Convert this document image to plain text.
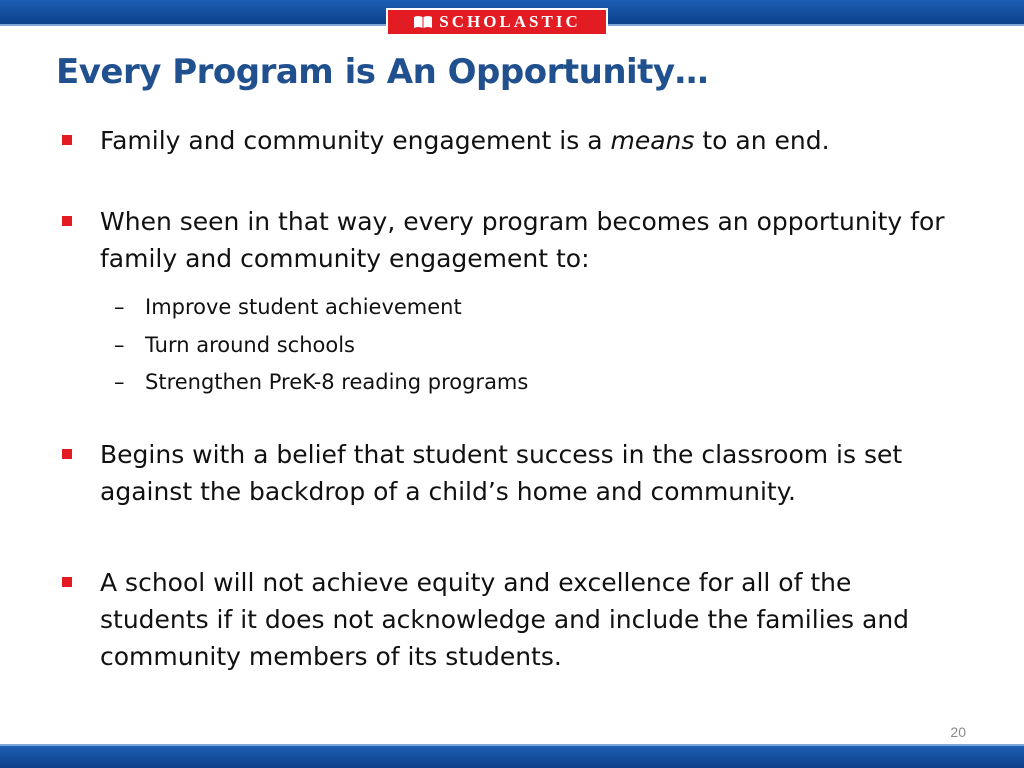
SCHOLASTIC
Every Program is An Opportunity…
Family and community engagement is a means to an end.
When seen in that way, every program becomes an opportunity for family and community engagement to:
– Improve student achievement
– Turn around schools
– Strengthen PreK-8 reading programs
Begins with a belief that student success in the classroom is set against the backdrop of a child’s home and community.
A school will not achieve equity and excellence for all of the students if it does not acknowledge and include the families and community members of its students.
20
